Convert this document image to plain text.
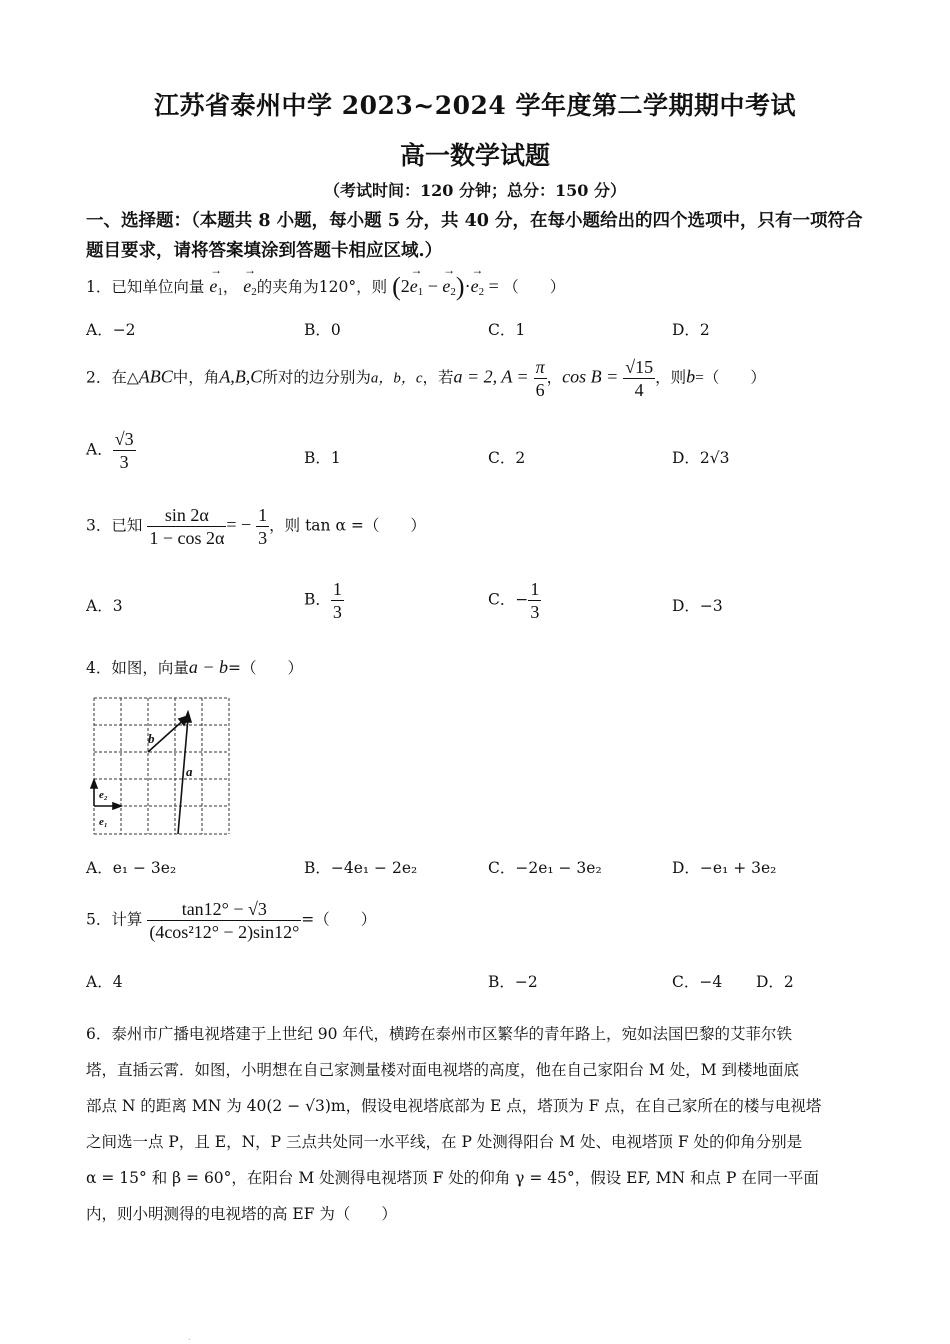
江苏省泰州中学 2023~2024 学年度第二学期期中考试
高一数学试题
（考试时间：120 分钟；总分：150 分）
一、选择题：（本题共 8 小题，每小题 5 分，共 40 分，在每小题给出的四个选项中，只有一项符合题目要求，请将答案填涂到答题卡相应区域.）
1．已知单位向量 → $e_1$， → $e_2$的夹角为120°，则 ($2\to e_1$ − → $e_2)\cdot\to e_2$ = （　　）
A．−2	B．0	C．1	D．2
2．在△ABC中，角A,B,C所对的边分别为a，b，c，若a = 2, $A = \frac{\pi}{6}$ ，$\cos B = \frac{√15}{4}$ ，则b=（　　）
A． $\frac{√3}{3}$	B．1	C．2	D．2√3
3．已知 $\frac{\sin 2\alpha}{1 - \cos 2\alpha}$ = − $\frac{1}{3}$ ，则 tan α =（　　）
A．3	B． $\frac{1}{3}$	C．− $\frac{1}{3}$	D．−3
4．如图，向量a − b=（　　）
b
a
e₂
e₁
A．e₁ − 3e₂	B．−4e₁ − 2e₂	C．−2e₁ − 3e₂	D．−e₁ + 3e₂
5．计算 $\frac{\tan 12^\circ - √3}{\text{(4cos²12° − 2)sin12°}}$ =（　　）
A．4	B．−2	C．−4 D．2
6．泰州市广播电视塔建于上世纪 90 年代，横跨在泰州市区繁华的青年路上，宛如法国巴黎的艾菲尔铁
塔，直插云霄．如图，小明想在自己家测量楼对面电视塔的高度，他在自己家阳台 M 处，M 到楼地面底
部点 N 的距离 MN 为 40(2 − √3)m，假设电视塔底部为 E 点，塔顶为 F 点，在自己家所在的楼与电视塔
之间选一点 P，且 E，N，P 三点共处同一水平线，在 P 处测得阳台 M 处、电视塔顶 F 处的仰角分别是
α = 15° 和 β = 60°，在阳台 M 处测得电视塔顶 F 处的仰角 γ = 45°，假设 EF, MN 和点 P 在同一平面
内，则小明测得的电视塔的高 EF 为（　　）
.
